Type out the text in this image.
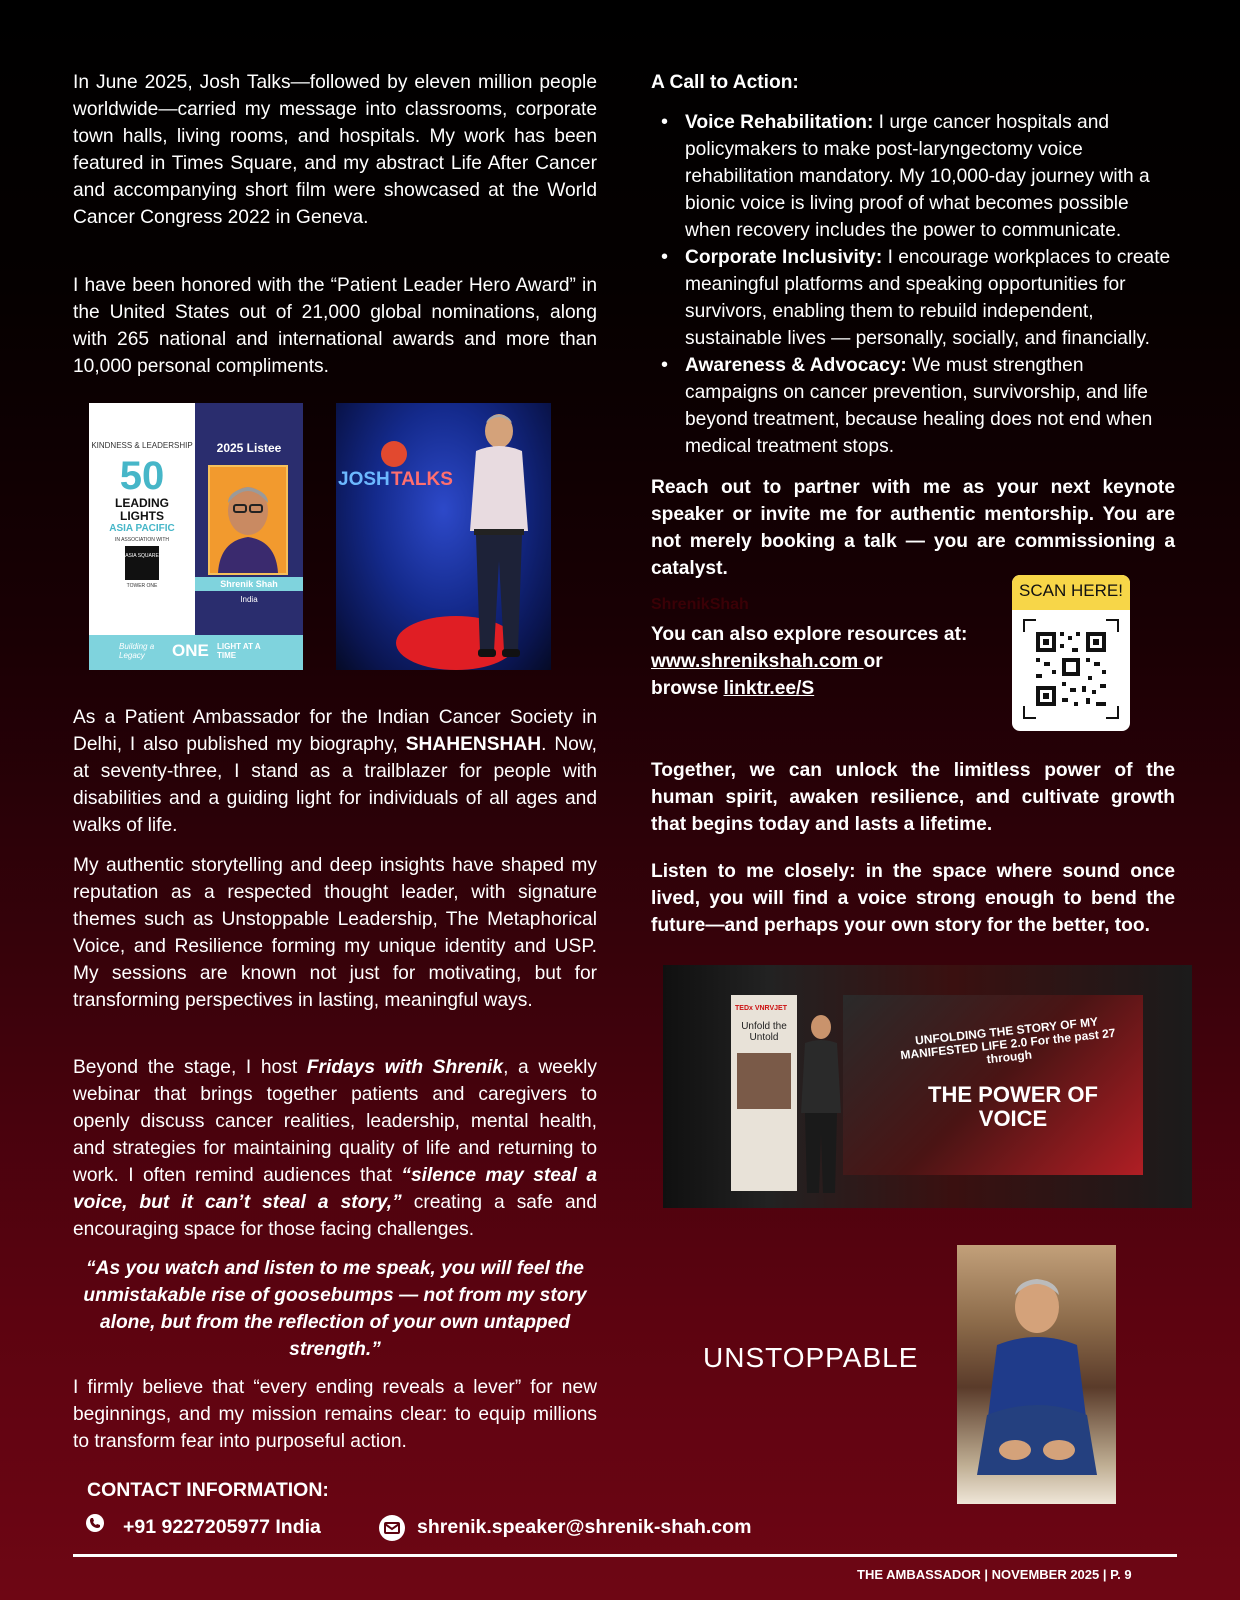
In June 2025, Josh Talks—followed by eleven million people worldwide—carried my message into classrooms, corporate town halls, living rooms, and hospitals. My work has been featured in Times Square, and my abstract Life After Cancer and accompanying short film were showcased at the World Cancer Congress 2022 in Geneva.

I have been honored with the “Patient Leader Hero Award” in the United States out of 21,000 global nominations, along with 265 national and international awards and more than 10,000 personal compliments.

KINDNESS & LEADERSHIP
50
LEADING
LIGHTS
ASIA PACIFIC
IN ASSOCIATION WITH
ASIA SQUARE
TOWER ONE
2025 Listee
Shrenik Shah
India
Building a Legacy	ONE LIGHT AT A TIME
JOSH TALKS

As a Patient Ambassador for the Indian Cancer Society in Delhi, I also published my biography, SHAHENSHAH. Now, at seventy-three, I stand as a trailblazer for people with disabilities and a guiding light for individuals of all ages and walks of life.

My authentic storytelling and deep insights have shaped my reputation as a respected thought leader, with signature themes such as Unstoppable Leadership, The Metaphorical Voice, and Resilience forming my unique identity and USP. My sessions are known not just for motivating, but for transforming perspectives in lasting, meaningful ways.

Beyond the stage, I host Fridays with Shrenik, a weekly webinar that brings together patients and caregivers to openly discuss cancer realities, leadership, mental health, and strategies for maintaining quality of life and returning to work. I often remind audiences that “silence may steal a voice, but it can’t steal a story,” creating a safe and encouraging space for those facing challenges.

“As you watch and listen to me speak, you will feel the unmistakable rise of goosebumps — not from my story alone, but from the reflection of your own untapped strength.”

I firmly believe that “every ending reveals a lever” for new beginnings, and my mission remains clear: to equip millions to transform fear into purposeful action.

CONTACT INFORMATION:
+91 9227205977 India	shrenik.speaker@shrenik-shah.com
THE AMBASSADOR | NOVEMBER 2025 | P. 9
A Call to Action:
• Voice Rehabilitation: I urge cancer hospitals and policymakers to make post-laryngectomy voice rehabilitation mandatory. My 10,000-day journey with a bionic voice is living proof of what becomes possible when recovery includes the power to communicate.
• Corporate Inclusivity: I encourage workplaces to create meaningful platforms and speaking opportunities for survivors, enabling them to rebuild independent, sustainable lives — personally, socially, and financially.
• Awareness & Advocacy: We must strengthen campaigns on cancer prevention, survivorship, and life beyond treatment, because healing does not end when medical treatment stops.

Reach out to partner with me as your next keynote speaker or invite me for authentic mentorship. You are not merely booking a talk — you are commissioning a catalyst.

ShrenikShah
You can also explore resources at:
www.shrenikshah.com or
browse linktr.ee/S
SCAN HERE!

Together, we can unlock the limitless power of the human spirit, awaken resilience, and cultivate growth that begins today and lasts a lifetime.

Listen to me closely: in the space where sound once lived, you will find a voice strong enough to bend the future—and perhaps your own story for the better, too.

TEDx VNRVJET
Unfold the Untold	UNFOLDING THE STORY OF MY MANIFESTED LIFE 2.0 For the past 27 through
THE POWER OF VOICE
UNSTOPPABLE
